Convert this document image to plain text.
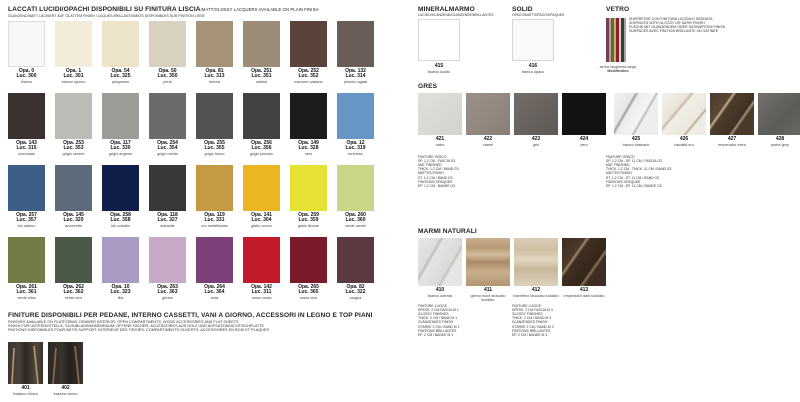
LACCATI LUCIDI/OPACHI DISPONIBILI SU FINITURA LISCIA/MATT/GLOSSY LACQUERS AVAILABLE ON PLAIN FINISH
GLÄNZEND/MATT LACKIERT AUF GLATTEM FINISH / LAQUES BRILLANTS/MATS DISPONIBLES SUR FINITION LISSE
Opa. 0
Luc. 300
bianco
Opa. 1
Luc. 301
bianco sporco
Opa. 54
Luc. 325
pergamon
Opa. 50
Luc. 350
perla
Opa. 81
Luc. 313
tortora
Opa. 251
Luc. 351
sabbia
Opa. 252
Luc. 352
marrone castano
Opa. 132
Luc. 314
piombo agata
Opa. 143
Luc. 315
cioccolato
Opa. 253
Luc. 353
grigio cenere
Opa. 117
Luc. 330
grigio argento
Opa. 254
Luc. 354
grigio medio
Opa. 255
Luc. 355
grigio furmo
Opa. 256
Luc. 356
grigio piombo
Opa. 149
Luc. 328
nero
Opa. 12
Luc. 319
turchese
Opa. 257
Luc. 357
blu marino
Opa. 145
Luc. 320
azzurretto
Opa. 258
Luc. 358
blu cobalto
Opa. 118
Luc. 327
antracite
Opa. 119
Luc. 331
oro metallizzato
Opa. 141
Luc. 304
giallo cromo
Opa. 259
Luc. 359
giallo limone
Opa. 260
Luc. 360
verde canne
Opa. 261
Luc. 361
verde oliva
Opa. 262
Luc. 362
verde nico
Opa. 10
Luc. 323
lilla
Opa. 263
Luc. 363
glicine
Opa. 264
Luc. 364
viola
Opa. 142
Luc. 311
rosso corsa
Opa. 265
Luc. 365
rosso vino
Opa. 82
Luc. 322
prugna
FINITURE DISPONIBILI PER PEDANE, INTERNO CASSETTI, VANI A GIORNO, ACCESSORI IN LEGNO E TOP PIANI
FINISHES AVAILABLE ON PLATFORMS, DRAWER INTERIOR, OPEN COMPARTMENTS, WOOD ACCESSORIES AND FLAT SHEETS
FINISH FÜR UNTERGESTELLE, SCHUBLADENINNENRAUM, OFFENE FÄCHER, ACCESSOIRES AUS HOLZ UND AUFSATZWASCHTISCHPLATTE
FINITIONS DISPONIBLES POUR BÂTIS SUPPORT, INTÉRIEUR DES TIROIRS, COMPARTIMENTS OUVERTS, ACCESSOIRES EN BOIS ET PLAQUES
401
frassino chiaro
402
frassino bruno
MINERALMARMO
LUCIDO/GLÄNZEND/GLANZENDE/BRILLANTES
415
bianco lucido
SOLID
OPACO/MATT/OPACO/OPAQUES
416
bianco opaco
VETRO
SUPERFICIE CON FINITURA LUCIDA O SATINATA
SURFACES WITH GLOSSY OR SATIN FINISH
FLÄCHE MIT GLÄNZENDEM ODER SATINIERTEM FINISH
SURFACES AVEC FINITION BRILLANTE OU SATINÉE
as the lacquered range
Mobilfestino
GRES
421
calce
422
camel
423
gris
424
nero
425
bianco statuario
426
calcatta oro
427
emperador extra
428
pietra grey
FINITURE OPACO
SP. 1,2 CM - FASCIA G3
MAT FINISHED
THICK. 1,2 CM / BAND G3
MATTES FINISH
ST. 1,2 CM / BAND G3
FINITIONS OPAQUES
EP. 1,2 CM - BANDE G3
FINITURE OPACO
SP. 1,2 CM - SP. 11 CM / FASCIA G3
MAT FINISHED
THICK. 1,2 CM - THICK. 11 CM / BAND G3
MATTES FINISH
ST. 1,2 CM - ST. 11 CM / BAND G3
FINITIONS OPAQUES
EP. 1,2 CM - EP. 11 CM / BANDE G3
MARMI NATURALI
410
bianco carrara
411
giorno noce stuccato lucidato
412
travertino stuccato lucidato
413
emperador dark lucidato
FINITURE LUCIDE
SPESS. 2 CM FASCIA M 1
GLOSSY FINISHES
THICK. 2 CM / BAND M 1
GLÄNZENDES FINISH
STÄRKE 2 CM / BAND M 1
FINITIONS BRILLANTES
EP. 2 CM / BANDE M 1
FINITURE LUCIDE
SPESS. 2 CM FASCIA M 3
GLOSSY FINISHES
THICK. 2 CM / BAND M 3
GLÄNZENDES FINISH
STÄRKE 2 CM / BAND M 3
FINITIONS BRILLANTES
EP. 2 CM / BANDE M 3
